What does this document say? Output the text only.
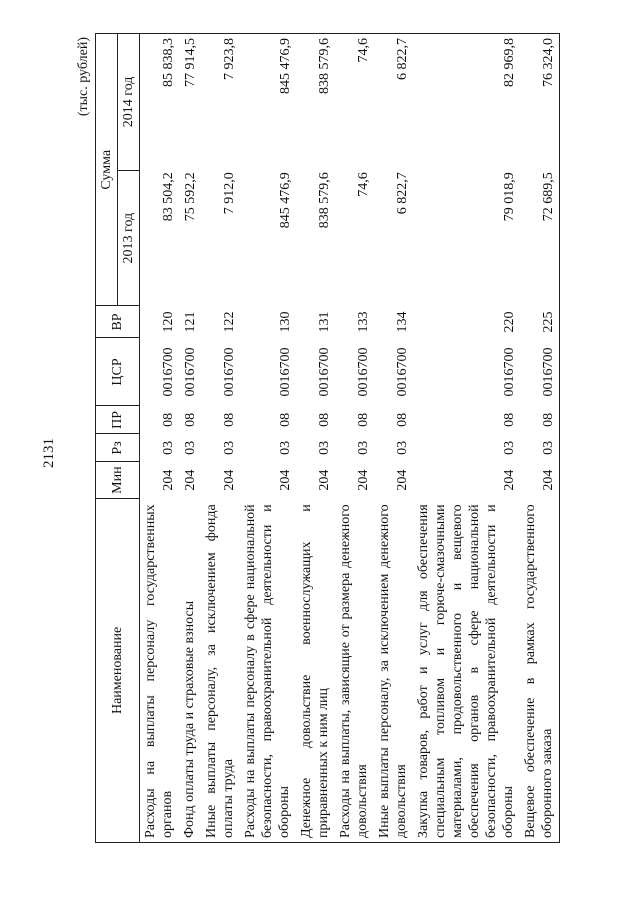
2131
(тыс. рублей)
Наименование	Мин	Рз	ПР	ЦСР	ВР	Сумма	
						2013 год	2014 год
Расходы на выплаты персоналу государственных органов	204	03	08	0016700	120	83 504,2	85 838,3
Фонд оплаты труда и страховые взносы	204	03	08	0016700	121	75 592,2	77 914,5
Иные выплаты персоналу, за исключением фонда оплаты труда	204	03	08	0016700	122	7 912,0	7 923,8
Расходы на выплаты персоналу в сфере национальной безопасности, правоохранительной деятельности и обороны	204	03	08	0016700	130	845 476,9	845 476,9
Денежное довольствие военнослужащих и приравненных к ним лиц	204	03	08	0016700	131	838 579,6	838 579,6
Расходы на выплаты, зависящие от размера денежного довольствия	204	03	08	0016700	133	74,6	74,6
Иные выплаты персоналу, за исключением денежного довольствия	204	03	08	0016700	134	6 822,7	6 822,7
Закупка товаров, работ и услуг для обеспечения специальным топливом и горюче-смазочными материалами, продовольственного и вещевого обеспечения органов в сфере национальной безопасности, правоохранительной деятельности и обороны	204	03	08	0016700	220	79 018,9	82 969,8
Вещевое обеспечение в рамках государственного оборонного заказа	204	03	08	0016700	225	72 689,5	76 324,0
